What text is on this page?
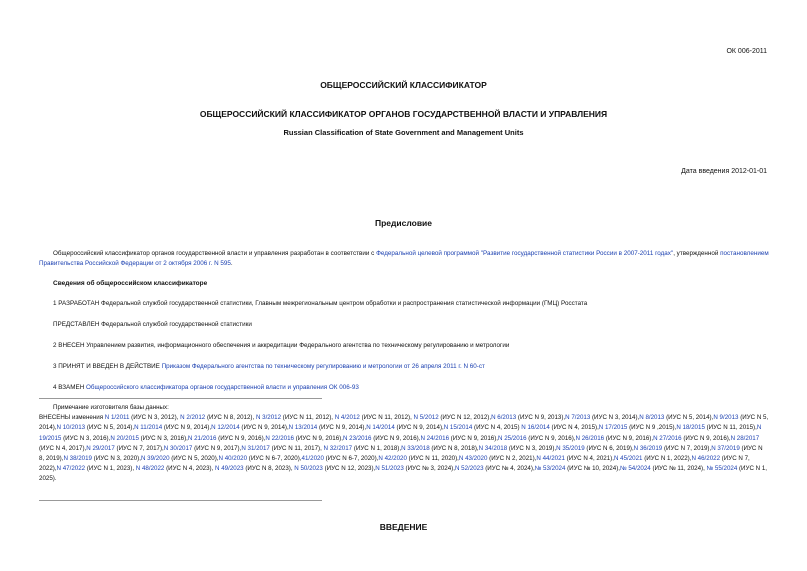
ОК 006-2011
ОБЩЕРОССИЙСКИЙ КЛАССИФИКАТОР
ОБЩЕРОССИЙСКИЙ КЛАССИФИКАТОР ОРГАНОВ ГОСУДАРСТВЕННОЙ ВЛАСТИ И УПРАВЛЕНИЯ
Russian Classification of State Government and Management Units
Дата введения 2012-01-01
Предисловие
Общероссийский классификатор органов государственной власти и управления разработан в соответствии с Федеральной целевой программой "Развитие государственной статистики России в 2007-2011 годах", утвержденной постановлением Правительства Российской Федерации от 2 октября 2006 г. N 595.
Сведения об общероссийском классификаторе
1 РАЗРАБОТАН Федеральной службой государственной статистики, Главным межрегиональным центром обработки и распространения статистической информации (ГМЦ) Росстата
ПРЕДСТАВЛЕН Федеральной службой государственной статистики
2 ВНЕСЕН Управлением развития, информационного обеспечения и аккредитации Федерального агентства по техническому регулированию и метрологии
3 ПРИНЯТ И ВВЕДЕН В ДЕЙСТВИЕ Приказом Федерального агентства по техническому регулированию и метрологии от 26 апреля 2011 г. N 60-ст
4 ВЗАМЕН Общероссийского классификатора органов государственной власти и управления ОК 006-93
Примечание изготовителя базы данных:
ВНЕСЕНЫ изменения N 1/2011 (ИУС N 3, 2012), N 2/2012 (ИУС N 8, 2012), N 3/2012 (ИУС N 11, 2012), N 4/2012 (ИУС N 11, 2012), N 5/2012 (ИУС N 12, 2012),N 6/2013 (ИУС N 9, 2013),N 7/2013 (ИУС N 3, 2014),N 8/2013 (ИУС N 5, 2014),N 9/2013 (ИУС N 5, 2014),N 10/2013 (ИУС N 5, 2014),N 11/2014 (ИУС N 9, 2014),N 12/2014 (ИУС N 9, 2014),N 13/2014 (ИУС N 9, 2014),N 14/2014 (ИУС N 9, 2014),N 15/2014 (ИУС N 4, 2015) N 16/2014 (ИУС N 4, 2015),N 17/2015 (ИУС N 9 ,2015),N 18/2015 (ИУС N 11, 2015),N 19/2015 (ИУС N 3, 2016),N 20/2015 (ИУС N 3, 2016),N 21/2016 (ИУС N 9, 2016),N 22/2016 (ИУС N 9, 2016),N 23/2016 (ИУС N 9, 2016),N 24/2016 (ИУС N 9, 2016),N 25/2016 (ИУС N 9, 2016),N 26/2016 (ИУС N 9, 2016),N 27/2016 (ИУС N 9, 2016),N 28/2017 (ИУС N 4, 2017),N 29/2017 (ИУС N 7, 2017),N 30/2017 (ИУС N 9, 2017),N 31/2017 (ИУС N 11, 2017), N 32/2017 (ИУС N 1, 2018),N 33/2018 (ИУС N 8, 2018),N 34/2018 (ИУС N 3, 2019),N 35/2019 (ИУС N 6, 2019),N 36/2019 (ИУС N 7, 2019),N 37/2019 (ИУС N 8, 2019),N 38/2019 (ИУС N 3, 2020),N 39/2020 (ИУС N 5, 2020),N 40/2020 (ИУС N 6-7, 2020),41/2020 (ИУС N 6-7, 2020),N 42/2020 (ИУС N 11, 2020),N 43/2020 (ИУС N 2, 2021),N 44/2021 (ИУС N 4, 2021),N 45/2021 (ИУС N 1, 2022),N 46/2022 (ИУС N 7, 2022),N 47/2022 (ИУС N 1, 2023), N 48/2022 (ИУС N 4, 2023), N 49/2023 (ИУС N 8, 2023), N 50/2023 (ИУС N 12, 2023),N 51/2023 (ИУС № 3, 2024),N 52/2023 (ИУС № 4, 2024),№ 53/2024 (ИУС № 10, 2024),№ 54/2024 (ИУС № 11, 2024), № 55/2024 (ИУС N 1, 2025).
ВВЕДЕНИЕ
